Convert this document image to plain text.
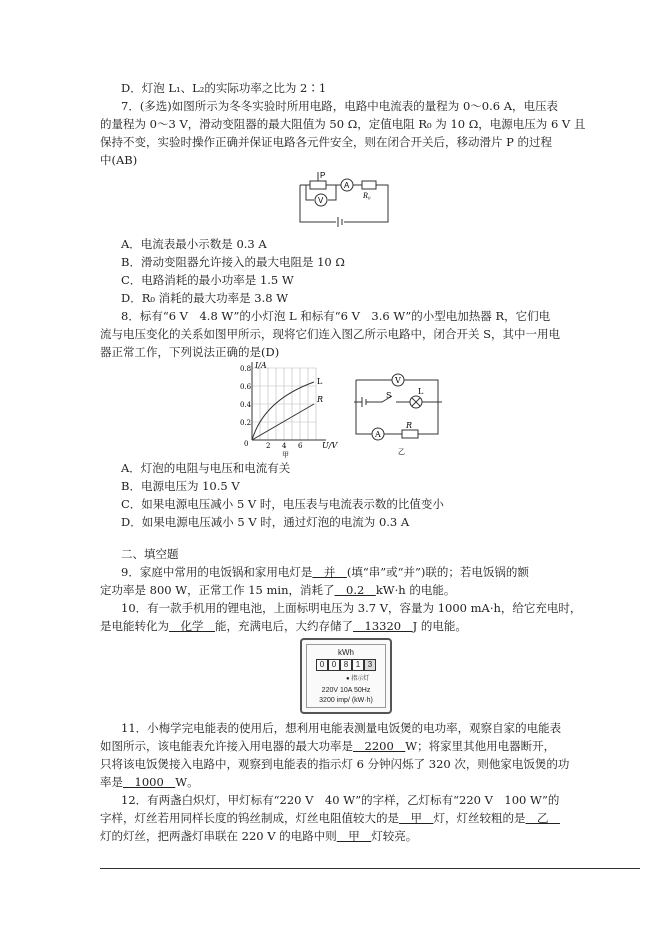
D．灯泡 L₁、L₂的实际功率之比为 2∶1
7．(多选)如图所示为冬冬实验时所用电路，电路中电流表的量程为 0～0.6 A，电压表
的量程为 0～3 V，滑动变阻器的最大阻值为 50 Ω，定值电阻 R₀ 为 10 Ω，电源电压为 6 V 且
保持不变，实验时操作正确并保证电路各元件安全，则在闭合开关后，移动滑片 P 的过程
中(AB)
P
A
V
R₀
A．电流表最小示数是 0.3 A
B．滑动变阻器允许接入的最大电阻是 10 Ω
C．电路消耗的最小功率是 1.5 W
D．R₀ 消耗的最大功率是 3.8 W
8．标有“6 V　4.8 W”的小灯泡 L 和标有“6 V　3.6 W”的小型电加热器 R，它们电
流与电压变化的关系如图甲所示，现将它们连入图乙所示电路中，闭合开关 S，其中一用电
器正常工作，下列说法正确的是(D)
I/A
0.8
0.6
0.4
0.2
0	2 4 6 U/V
L
R
甲
V
S	L
A
R
乙
A．灯泡的电阻与电压和电流有关
B．电源电压为 10.5 V
C．如果电源电压减小 5 V 时，电压表与电流表示数的比值变小
D．如果电源电压减小 5 V 时，通过灯泡的电流为 0.3 A
二、填空题
9．家庭中常用的电饭锅和家用电灯是　并　(填“串”或“并”)联的；若电饭锅的额
定功率是 800 W，正常工作 15 min，消耗了　0.2　kW·h 的电能。
10．有一款手机用的锂电池，上面标明电压为 3.7 V，容量为 1000 mA·h，给它充电时，
是电能转化为　化学　能，充满电后，大约存储了　13320　J 的电能。
kWh
0 0 8 1 3
● 指示灯
220V 10A 50Hz
3200 imp/ (kW·h)
11．小梅学完电能表的使用后，想利用电能表测量电饭煲的电功率，观察自家的电能表
如图所示，该电能表允许接入用电器的最大功率是　2200　W；将家里其他用电器断开，
只将该电饭煲接入电路中，观察到电能表的指示灯 6 分钟闪烁了 320 次，则他家电饭煲的功
率是　1000　W。
12．有两盏白炽灯，甲灯标有“220 V　40 W”的字样，乙灯标有“220 V　100 W”的
字样，灯丝若用同样长度的钨丝制成，灯丝电阻值较大的是　甲　灯，灯丝较粗的是　乙　
灯的灯丝，把两盏灯串联在 220 V 的电路中则　甲　灯较亮。
